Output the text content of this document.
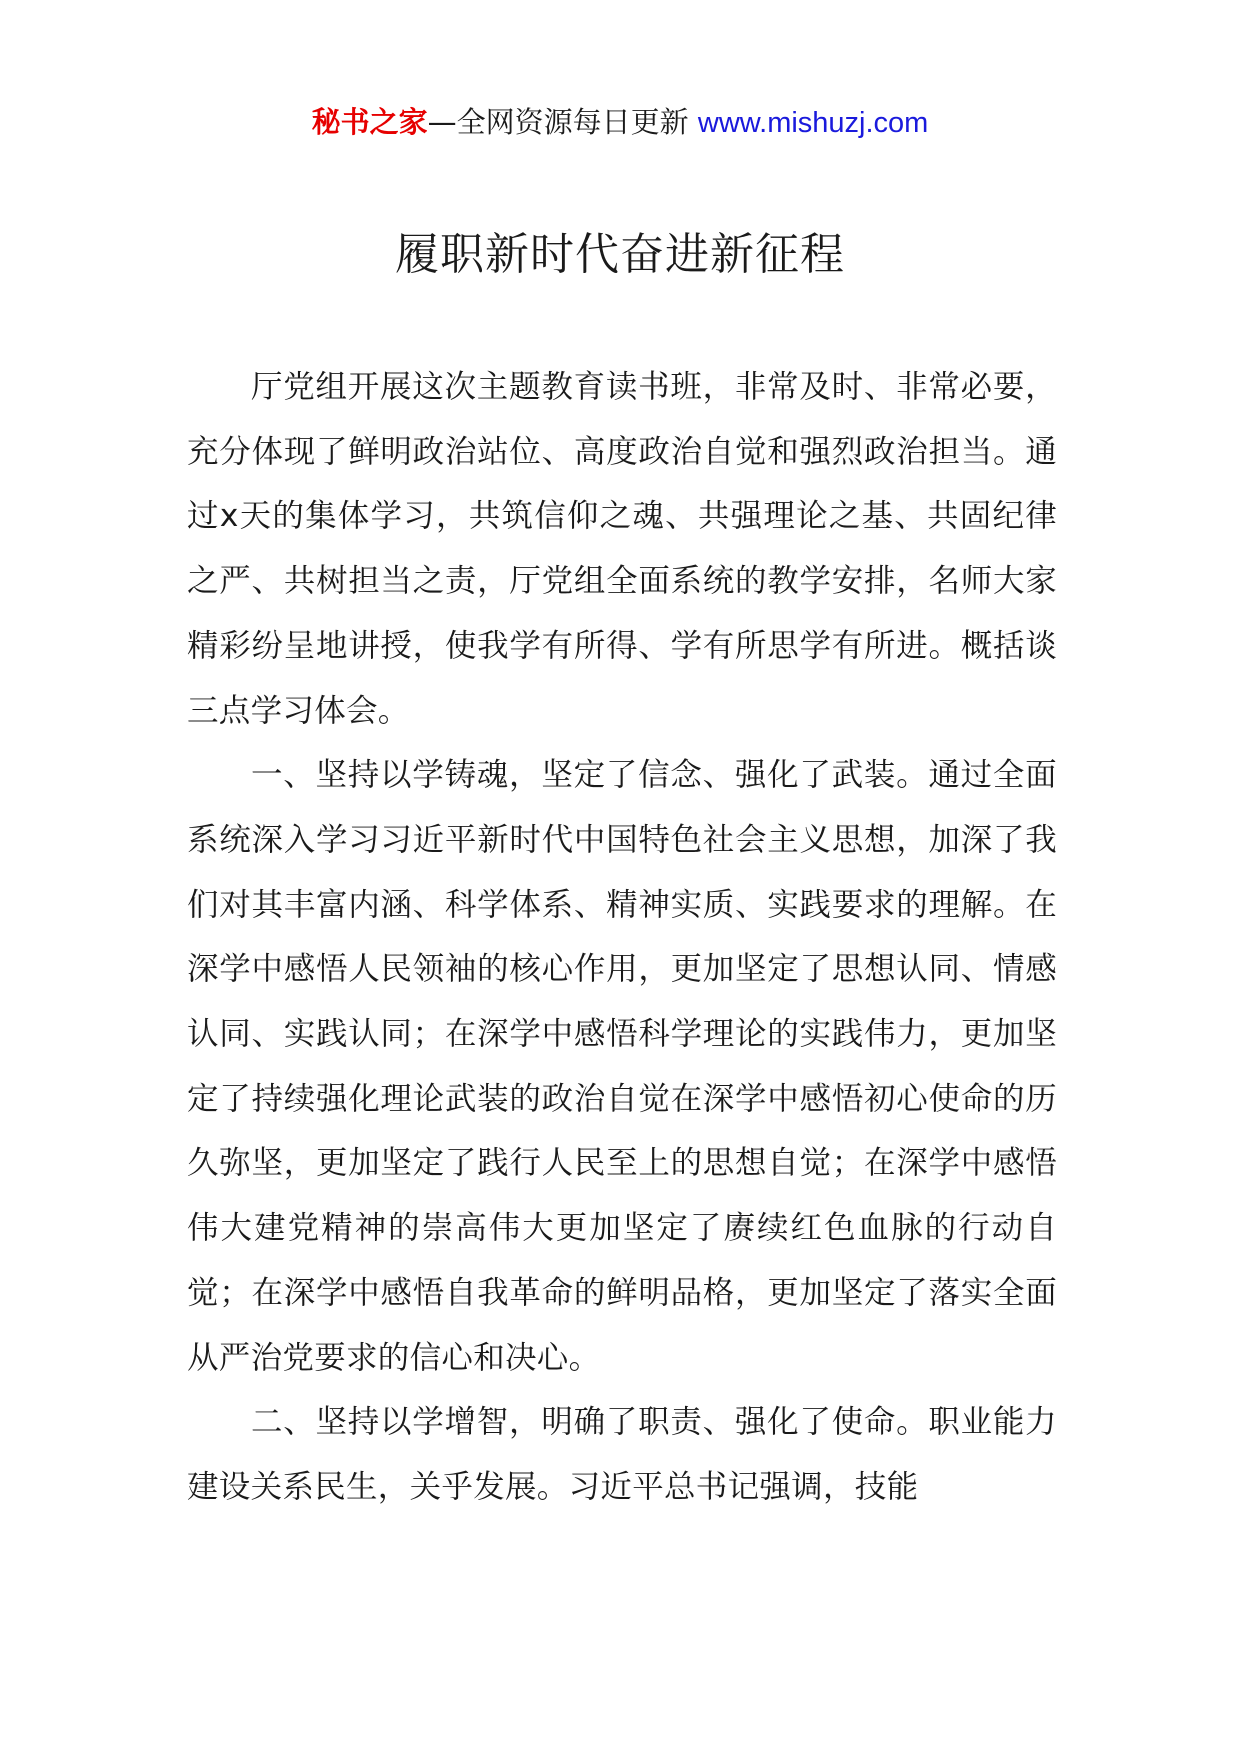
秘书之家—全网资源每日更新 www.mishuzj.com
履职新时代奋进新征程

厅党组开展这次主题教育读书班，非常及时、非常必要，充分体现了鲜明政治站位、高度政治自觉和强烈政治担当。通过x天的集体学习，共筑信仰之魂、共强理论之基、共固纪律之严、共树担当之责，厅党组全面系统的教学安排，名师大家精彩纷呈地讲授，使我学有所得、学有所思学有所进。概括谈三点学习体会。

一、坚持以学铸魂，坚定了信念、强化了武装。通过全面系统深入学习习近平新时代中国特色社会主义思想，加深了我们对其丰富内涵、科学体系、精神实质、实践要求的理解。在深学中感悟人民领袖的核心作用，更加坚定了思想认同、情感认同、实践认同；在深学中感悟科学理论的实践伟力，更加坚定了持续强化理论武装的政治自觉在深学中感悟初心使命的历久弥坚，更加坚定了践行人民至上的思想自觉；在深学中感悟伟大建党精神的崇高伟大更加坚定了赓续红色血脉的行动自觉；在深学中感悟自我革命的鲜明品格，更加坚定了落实全面从严治党要求的信心和决心。

二、坚持以学增智，明确了职责、强化了使命。职业能力建设关系民生，关乎发展。习近平总书记强调，技能
